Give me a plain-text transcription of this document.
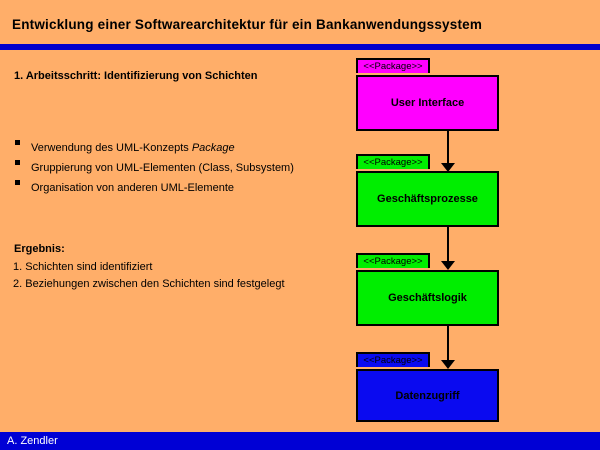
Entwicklung einer Softwarearchitektur für ein Bankanwendungssystem
1. Arbeitsschritt: Identifizierung von Schichten
Verwendung des UML-Konzepts Package
Gruppierung von UML-Elementen (Class, Subsystem)
Organisation von anderen UML-Elemente
Ergebnis:
1. Schichten sind identifiziert
2. Beziehungen zwischen den Schichten sind festgelegt
<<Package>>
User Interface
<<Package>>
Geschäftsprozesse
<<Package>>
Geschäftslogik
<<Package>>
Datenzugriff
A. Zendler
